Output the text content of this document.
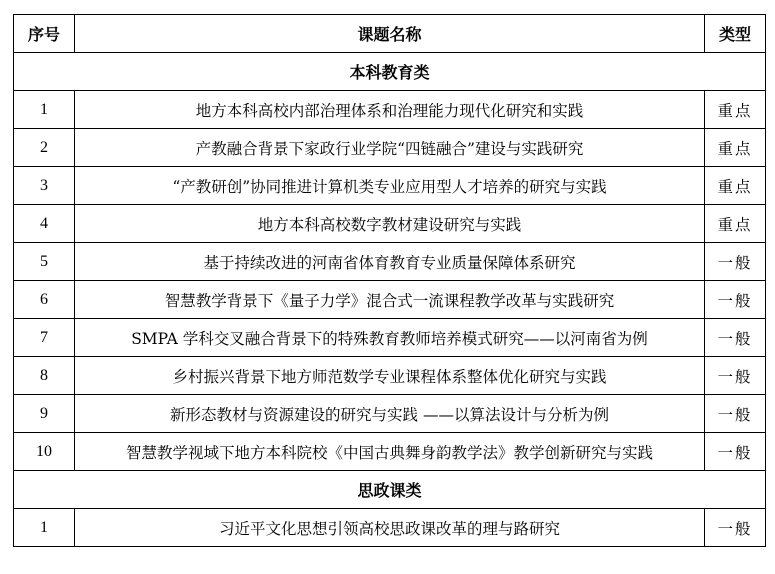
序号	课题名称	类型
本科教育类		
1	地方本科高校内部治理体系和治理能力现代化研究和实践	重点
2	产教融合背景下家政行业学院“四链融合”建设与实践研究	重点
3	“产教研创”协同推进计算机类专业应用型人才培养的研究与实践	重点
4	地方本科高校数字教材建设研究与实践	重点
5	基于持续改进的河南省体育教育专业质量保障体系研究	一般
6	智慧教学背景下《量子力学》混合式一流课程教学改革与实践研究	一般
7	SMPA 学科交叉融合背景下的特殊教育教师培养模式研究——以河南省为例	一般
8	乡村振兴背景下地方师范数学专业课程体系整体优化研究与实践	一般
9	新形态教材与资源建设的研究与实践 ——以算法设计与分析为例	一般
10	智慧教学视域下地方本科院校《中国古典舞身韵教学法》教学创新研究与实践	一般
思政课类		
1	习近平文化思想引领高校思政课改革的理与路研究	一般
